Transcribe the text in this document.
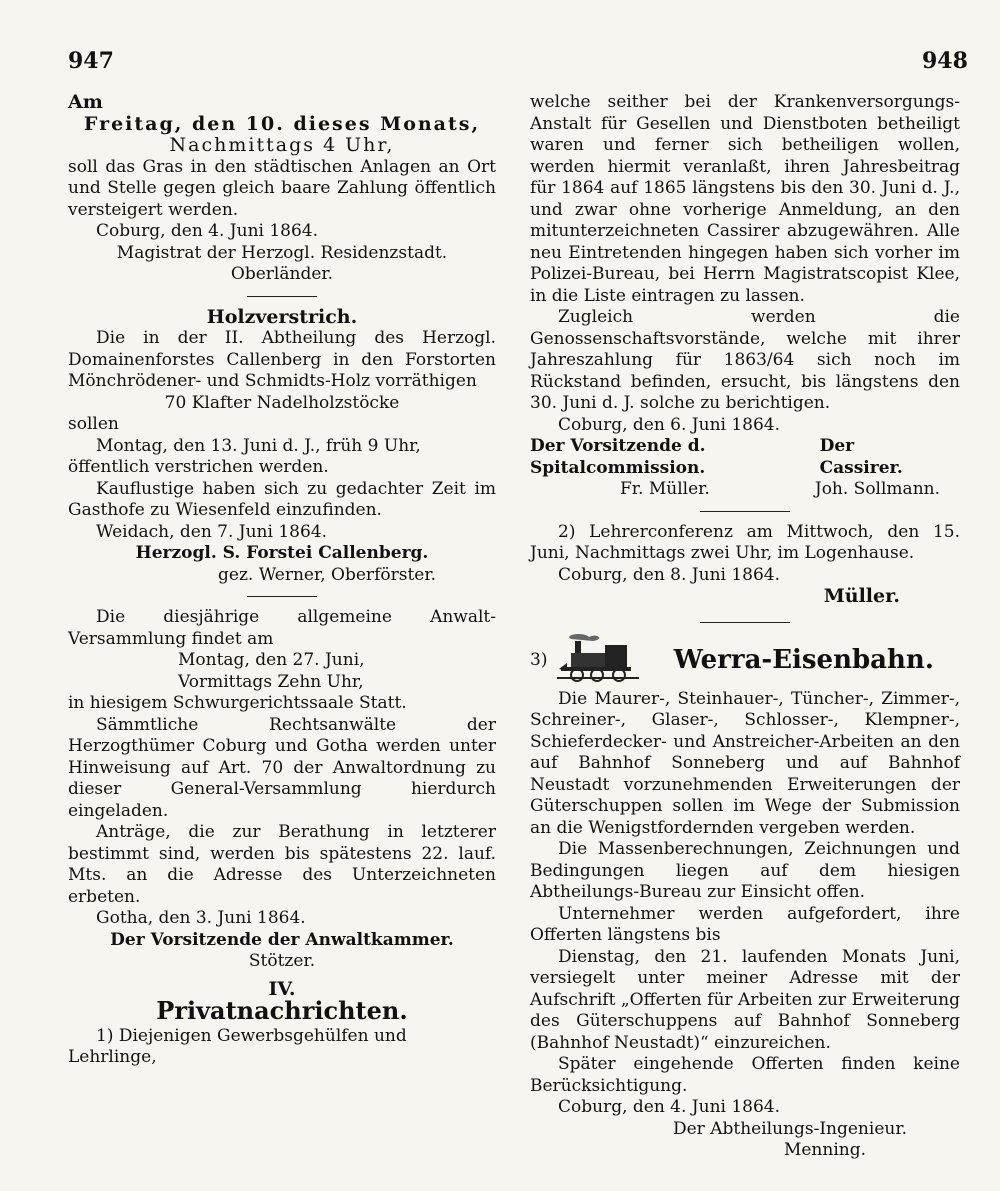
947	948

Am

Freitag, den 10. dieses Monats,

Nachmittags 4 Uhr,

soll das Gras in den städtischen Anlagen an Ort und Stelle gegen gleich baare Zahlung öffentlich versteigert werden.

Coburg, den 4. Juni 1864.

Magistrat der Herzogl. Residenzstadt.

Oberländer.

Holzverstrich.

Die in der II. Abtheilung des Herzogl. Domainenforstes Callenberg in den Forstorten Mönchrödener- und Schmidts-Holz vorräthigen

70 Klafter Nadelholzstöcke

sollen

Montag, den 13. Juni d. J., früh 9 Uhr,

öffentlich verstrichen werden.

Kauflustige haben sich zu gedachter Zeit im Gasthofe zu Wiesenfeld einzufinden.

Weidach, den 7. Juni 1864.

Herzogl. S. Forstei Callenberg.

gez. Werner, Oberförster.

Die diesjährige allgemeine Anwalt-Versammlung findet am

Montag, den 27. Juni,

Vormittags Zehn Uhr,

in hiesigem Schwurgerichtssaale Statt.

Sämmtliche Rechtsanwälte der Herzogthümer Coburg und Gotha werden unter Hinweisung auf Art. 70 der Anwaltordnung zu dieser General-Versammlung hierdurch eingeladen.

Anträge, die zur Berathung in letzterer bestimmt sind, werden bis spätestens 22. lauf. Mts. an die Adresse des Unterzeichneten erbeten.

Gotha, den 3. Juni 1864.

Der Vorsitzende der Anwaltkammer.

Stötzer.

IV.

Privatnachrichten.

1) Diejenigen Gewerbsgehülfen und Lehrlinge,

welche seither bei der Krankenversorgungs-Anstalt für Gesellen und Dienstboten betheiligt waren und ferner sich betheiligen wollen, werden hiermit veranlaßt, ihren Jahresbeitrag für 1864 auf 1865 längstens bis den 30. Juni d. J., und zwar ohne vorherige Anmeldung, an den mitunterzeichneten Cassirer abzugewähren. Alle neu Eintretenden hingegen haben sich vorher im Polizei-Bureau, bei Herrn Magistratscopist Klee, in die Liste eintragen zu lassen.

Zugleich werden die Genossenschaftsvorstände, welche mit ihrer Jahreszahlung für 1863/64 sich noch im Rückstand befinden, ersucht, bis längstens den 30. Juni d. J. solche zu berichtigen.

Coburg, den 6. Juni 1864.

Der Vorsitzende d. Spitalcommission.
Der Cassirer.
Fr. Müller.	Joh. Sollmann.

2) Lehrerconferenz am Mittwoch, den 15. Juni, Nachmittags zwei Uhr, im Logenhause.

Coburg, den 8. Juni 1864.

Müller.

3)	Werra-Eisenbahn.

Die Maurer-, Steinhauer-, Tüncher-, Zimmer-, Schreiner-, Glaser-, Schlosser-, Klempner-, Schieferdecker- und Anstreicher-Arbeiten an den auf Bahnhof Sonneberg und auf Bahnhof Neustadt vorzunehmenden Erweiterungen der Güterschuppen sollen im Wege der Submission an die Wenigstfordernden vergeben werden.

Die Massenberechnungen, Zeichnungen und Bedingungen liegen auf dem hiesigen Abtheilungs-Bureau zur Einsicht offen.

Unternehmer werden aufgefordert, ihre Offerten längstens bis

Dienstag, den 21. laufenden Monats Juni, versiegelt unter meiner Adresse mit der Aufschrift „Offerten für Arbeiten zur Erweiterung des Güterschuppens auf Bahnhof Sonneberg (Bahnhof Neustadt)“ einzureichen.

Später eingehende Offerten finden keine Berücksichtigung.

Coburg, den 4. Juni 1864.

Der Abtheilungs-Ingenieur.

Menning.
